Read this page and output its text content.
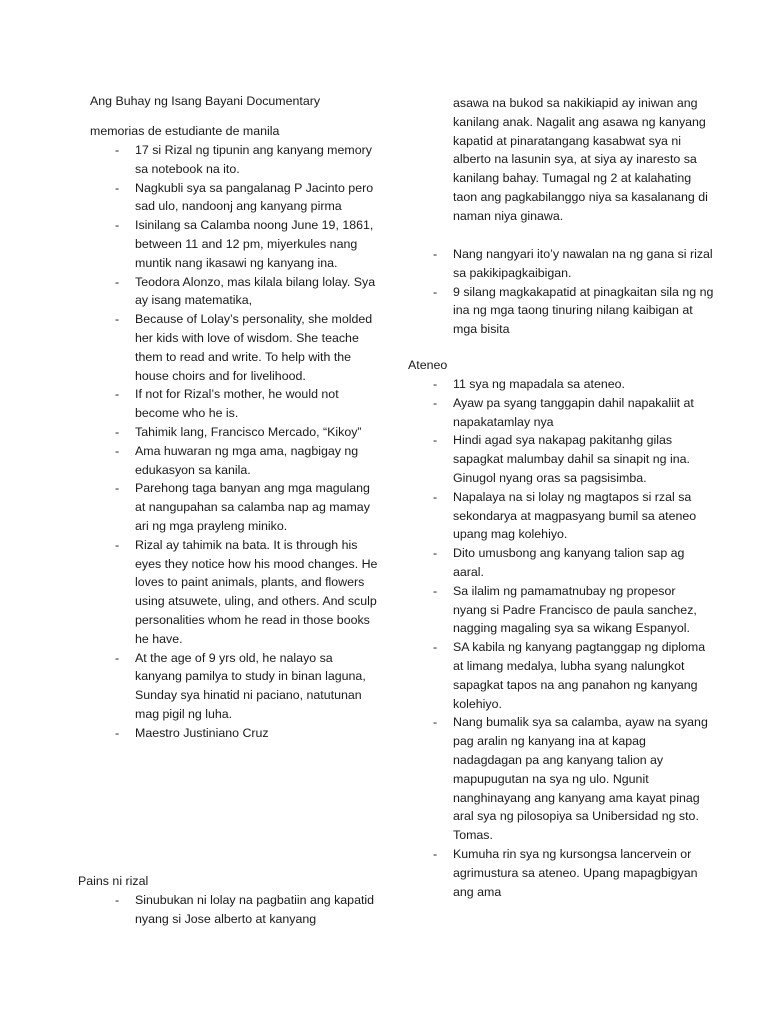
Ang Buhay ng Isang Bayani Documentary
memorias de estudiante de manila
- 17 si Rizal ng tipunin ang kanyang memory sa notebook na ito.
- Nagkubli sya sa pangalanag P Jacinto pero sad ulo, nandoonj ang kanyang pirma
- Isinilang sa Calamba noong June 19, 1861, between 11 and 12 pm, miyerkules nang muntik nang ikasawi ng kanyang ina.
- Teodora Alonzo, mas kilala bilang lolay. Sya ay isang matematika,
- Because of Lolay’s personality, she molded her kids with love of wisdom. She teache them to read and write. To help with the house choirs and for livelihood.
- If not for Rizal’s mother, he would not become who he is.
- Tahimik lang, Francisco Mercado, “Kikoy”
- Ama huwaran ng mga ama, nagbigay ng edukasyon sa kanila.
- Parehong taga banyan ang mga magulang at nangupahan sa calamba nap ag mamay ari ng mga prayleng miniko.
- Rizal ay tahimik na bata. It is through his eyes they notice how his mood changes. He loves to paint animals, plants, and flowers using atsuwete, uling, and others. And sculp personalities whom he read in those books he have.
- At the age of 9 yrs old, he nalayo sa kanyang pamilya to study in binan laguna, Sunday sya hinatid ni paciano, natutunan mag pigil ng luha.
- Maestro Justiniano Cruz
Pains ni rizal
- Sinubukan ni lolay na pagbatiin ang kapatid nyang si Jose alberto at kanyang

asawa na bukod sa nakikiapid ay iniwan ang kanilang anak. Nagalit ang asawa ng kanyang kapatid at pinaratangang kasabwat sya ni alberto na lasunin sya, at siya ay inaresto sa kanilang bahay. Tumagal ng 2 at kalahating taon ang pagkabilanggo niya sa kasalanang di naman niya ginawa.

- Nang nangyari ito’y nawalan na ng gana si rizal sa pakikipagkaibigan.
- 9 silang magkakapatid at pinagkaitan sila ng ng ina ng mga taong tinuring nilang kaibigan at mga bisita
Ateneo
- 11 sya ng mapadala sa ateneo.
- Ayaw pa syang tanggapin dahil napakaliit at napakatamlay nya
- Hindi agad sya nakapag pakitanhg gilas sapagkat malumbay dahil sa sinapit ng ina. Ginugol nyang oras sa pagsisimba.
- Napalaya na si lolay ng magtapos si rzal sa sekondarya at magpasyang bumil sa ateneo upang mag kolehiyo.
- Dito umusbong ang kanyang talion sap ag aaral.
- Sa ilalim ng pamamatnubay ng propesor nyang si Padre Francisco de paula sanchez, nagging magaling sya sa wikang Espanyol.
- SA kabila ng kanyang pagtanggap ng diploma at limang medalya, lubha syang nalungkot sapagkat tapos na ang panahon ng kanyang kolehiyo.
- Nang bumalik sya sa calamba, ayaw na syang pag aralin ng kanyang ina at kapag nadagdagan pa ang kanyang talion ay mapupugutan na sya ng ulo. Ngunit nanghinayang ang kanyang ama kayat pinag aral sya ng pilosopiya sa Unibersidad ng sto. Tomas.
- Kumuha rin sya ng kursongsa lancervein or agrimustura sa ateneo. Upang mapagbigyan ang ama
